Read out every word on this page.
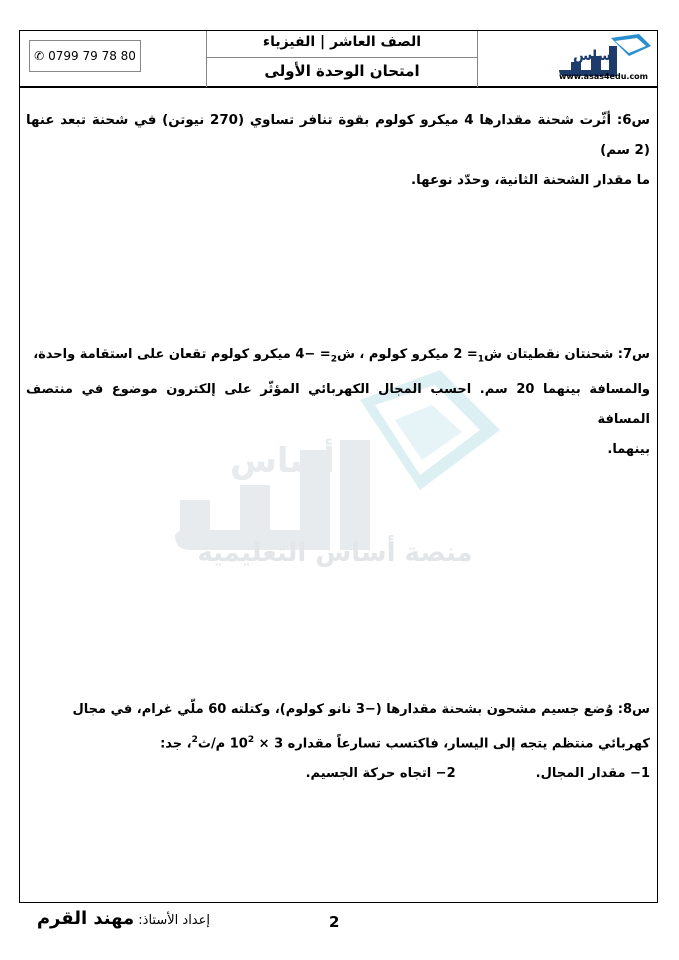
✆ 0799 79 78 80
الصف العاشر | الفيزياء
امتحان الوحدة الأولى
أساس
www.asas4edu.com
أساس
منصة أساس التعليمية

س6: أثّرت شحنة مقدارها 4 ميكرو كولوم بقوة تنافر تساوي (270 نيوتن) في شحنة تبعد عنها (2 سم)

ما مقدار الشحنة الثانية، وحدّد نوعها.

س7: شحنتان نقطيتان ش$_1$= 2 ميكرو كولوم ، ش$_2$= −4 ميكرو كولوم تقعان على استقامة واحدة،

والمسافة بينهما 20 سم. احسب المجال الكهربائي المؤثّر على إلكترون موضوع في منتصف المسافة

بينهما.

س8: وُضع جسيم مشحون بشحنة مقدارها (−3 نانو كولوم)، وكتلته 60 ملّي غرام، في مجال

كهربائي منتظم يتجه إلى اليسار، فاكتسب تسارعاً مقداره $3 \times 10^2$ م/ث$^2$، جد:

1− مقدار المجال.
2− اتجاه حركة الجسيم.
إعداد الأستاذ: مهند القرم	2
